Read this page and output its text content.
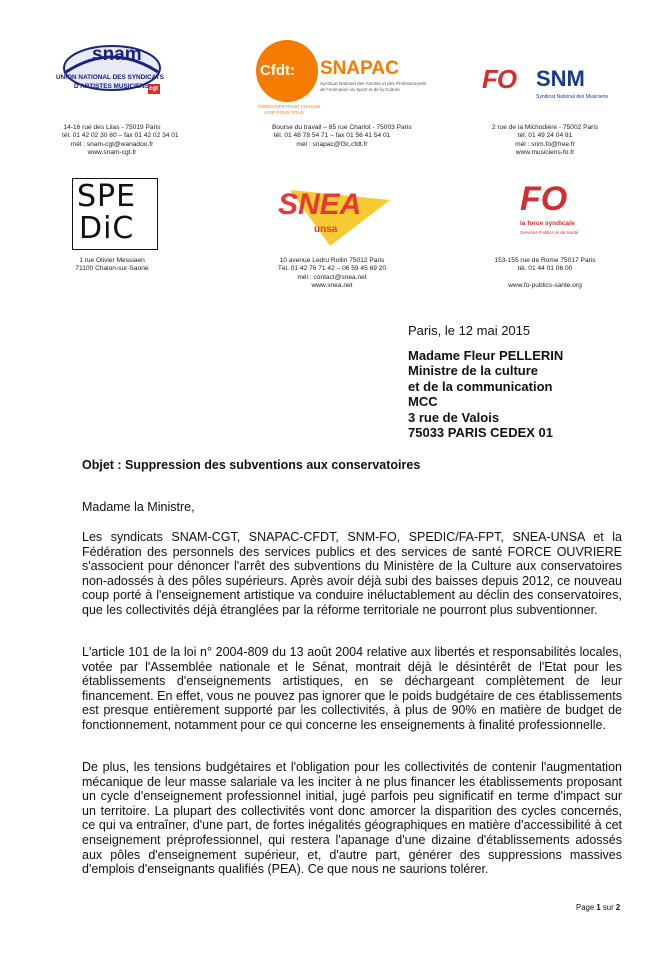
snam
UNION NATIONAL DES SYNDICATS
D'ARTISTES MUSICIENS cgt
Cfdt: SNAPAC
Syndicat National des Artistes et des Professionnels
de l'Animation du Sport et de la Culture
S'ENGAGER POUR CHACUN
AGIR POUR TOUS
FO SNM
Syndicat National des Musiciens
14-16 rue des Lilas - 75019 Paris
tél. 01 42 02 30 80 – fax 01 42 02 34 01
mél : snam-cgt@wanadoo.fr
www.snam-cgt.fr
Bourse du travail – 85 rue Charlot - 75003 Paris
tél. 01 48 78 54 71 – fax 01 56 41 54 01
mél : snapac@f3c.cfdt.fr
2 rue de la Michodière - 75002 Paris
tél. 01 49 24 04 81
mél : snm.fo@free.fr
www.musiciens-fo.fr
SPE
DiC
SNEA
unsa
FO
la force syndicale
Services Publics et de Santé
1 rue Olivier Messiaen
71100 Chalon-sur-Saone
10 avenue Ledru Rollin 75012 Paris
Tél. 01 42 76 71 42 – 06 59 45 69 20
mél : contact@snea.net
www.snea.net
153-155 rue de Rome 75017 Paris
tél. 01 44 01 06 00
www.fo-publics-sante.org
Paris, le 12 mai 2015
Madame Fleur PELLERIN
Ministre de la culture
et de la communication
MCC
3 rue de Valois
75033 PARIS CEDEX 01
Objet : Suppression des subventions aux conservatoires
Madame la Ministre,
Les syndicats SNAM-CGT, SNAPAC-CFDT, SNM-FO, SPEDIC/FA-FPT, SNEA-UNSA et la Fédération des personnels des services publics et des services de santé FORCE OUVRIERE s'associent pour dénoncer l'arrêt des subventions du Ministère de la Culture aux conservatoires non-adossés à des pôles supérieurs. Après avoir déjà subi des baisses depuis 2012, ce nouveau coup porté à l'enseignement artistique va conduire inéluctablement au déclin des conservatoires, que les collectivités déjà étranglées par la réforme territoriale ne pourront plus subventionner.
L'article 101 de la loi n° 2004-809 du 13 août 2004 relative aux libertés et responsabilités locales, votée par l'Assemblée nationale et le Sénat, montrait déjà le désintérêt de l'Etat pour les établissements d'enseignements artistiques, en se déchargeant complètement de leur financement. En effet, vous ne pouvez pas ignorer que le poids budgétaire de ces établissements est presque entièrement supporté par les collectivités, à plus de 90% en matière de budget de fonctionnement, notamment pour ce qui concerne les enseignements à finalité professionnelle.
De plus, les tensions budgétaires et l'obligation pour les collectivités de contenir l'augmentation mécanique de leur masse salariale va les inciter à ne plus financer les établissements proposant un cycle d'enseignement professionnel initial, jugé parfois peu significatif en terme d'impact sur un territoire. La plupart des collectivités vont donc amorcer la disparition des cycles concernés, ce qui va entraîner, d'une part, de fortes inégalités géographiques en matière d'accessibilité à cet enseignement préprofessionnel, qui restera l'apanage d'une dizaine d'établissements adossés aux pôles d'enseignement supérieur, et, d'autre part, générer des suppressions massives d'emplois d'enseignants qualifiés (PEA). Ce que nous ne saurions tolérer.
Page 1 sur 2
